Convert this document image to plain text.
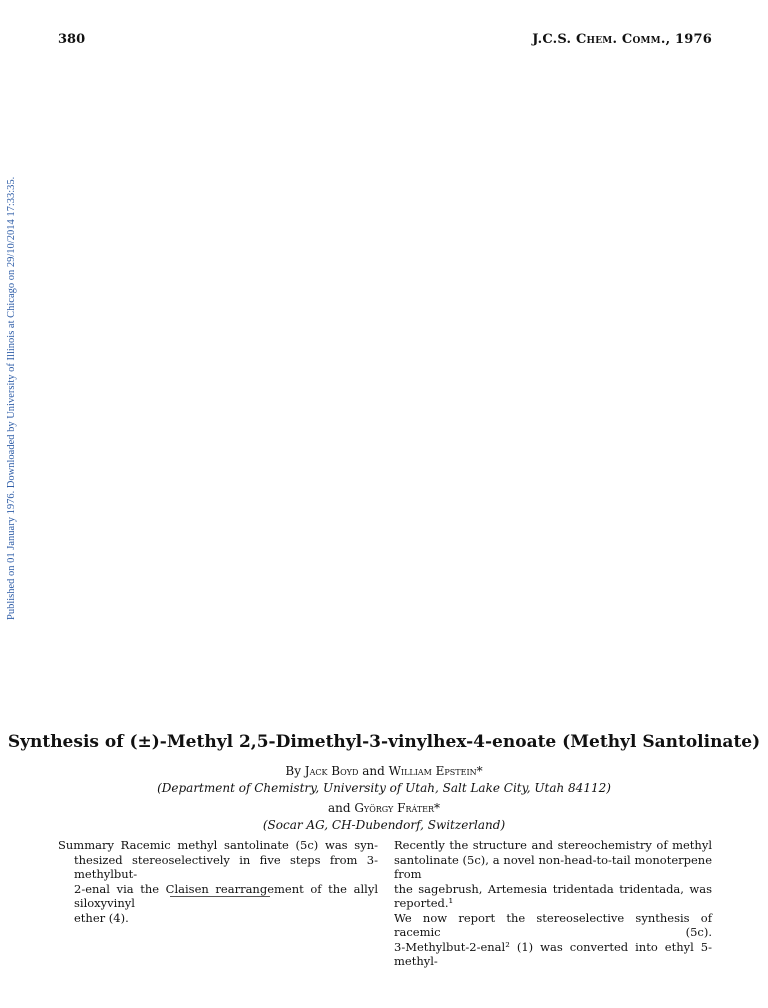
380	J.C.S. Chem. Comm., 1976
Published on 01 January 1976. Downloaded by University of Illinois at Chicago on 29/10/2014 17:33:35.
Synthesis of (±)-Methyl 2,5-Dimethyl-3-vinylhex-4-enoate (Methyl Santolinate)
By Jack Boyd and William Epstein*
(Department of Chemistry, University of Utah, Salt Lake City, Utah 84112)
and György Fráter*
(Socar AG, CH-Dubendorf, Switzerland)
Summary Racemic methyl santolinate (5c) was syn-
thesized stereoselectively in five steps from 3-methylbut-
2-enal via the Claisen rearrangement of the allyl siloxyvinyl
ether (4).
Recently the structure and stereochemistry of methyl
santolinate (5c), a novel non-head-to-tail monoterpene from
the sagebrush, Artemesia tridentada tridentada, was reported.¹
We now report the stereoselective synthesis of racemic (5c).
3-Methylbut-2-enal² (1) was converted into ethyl 5-methyl-
